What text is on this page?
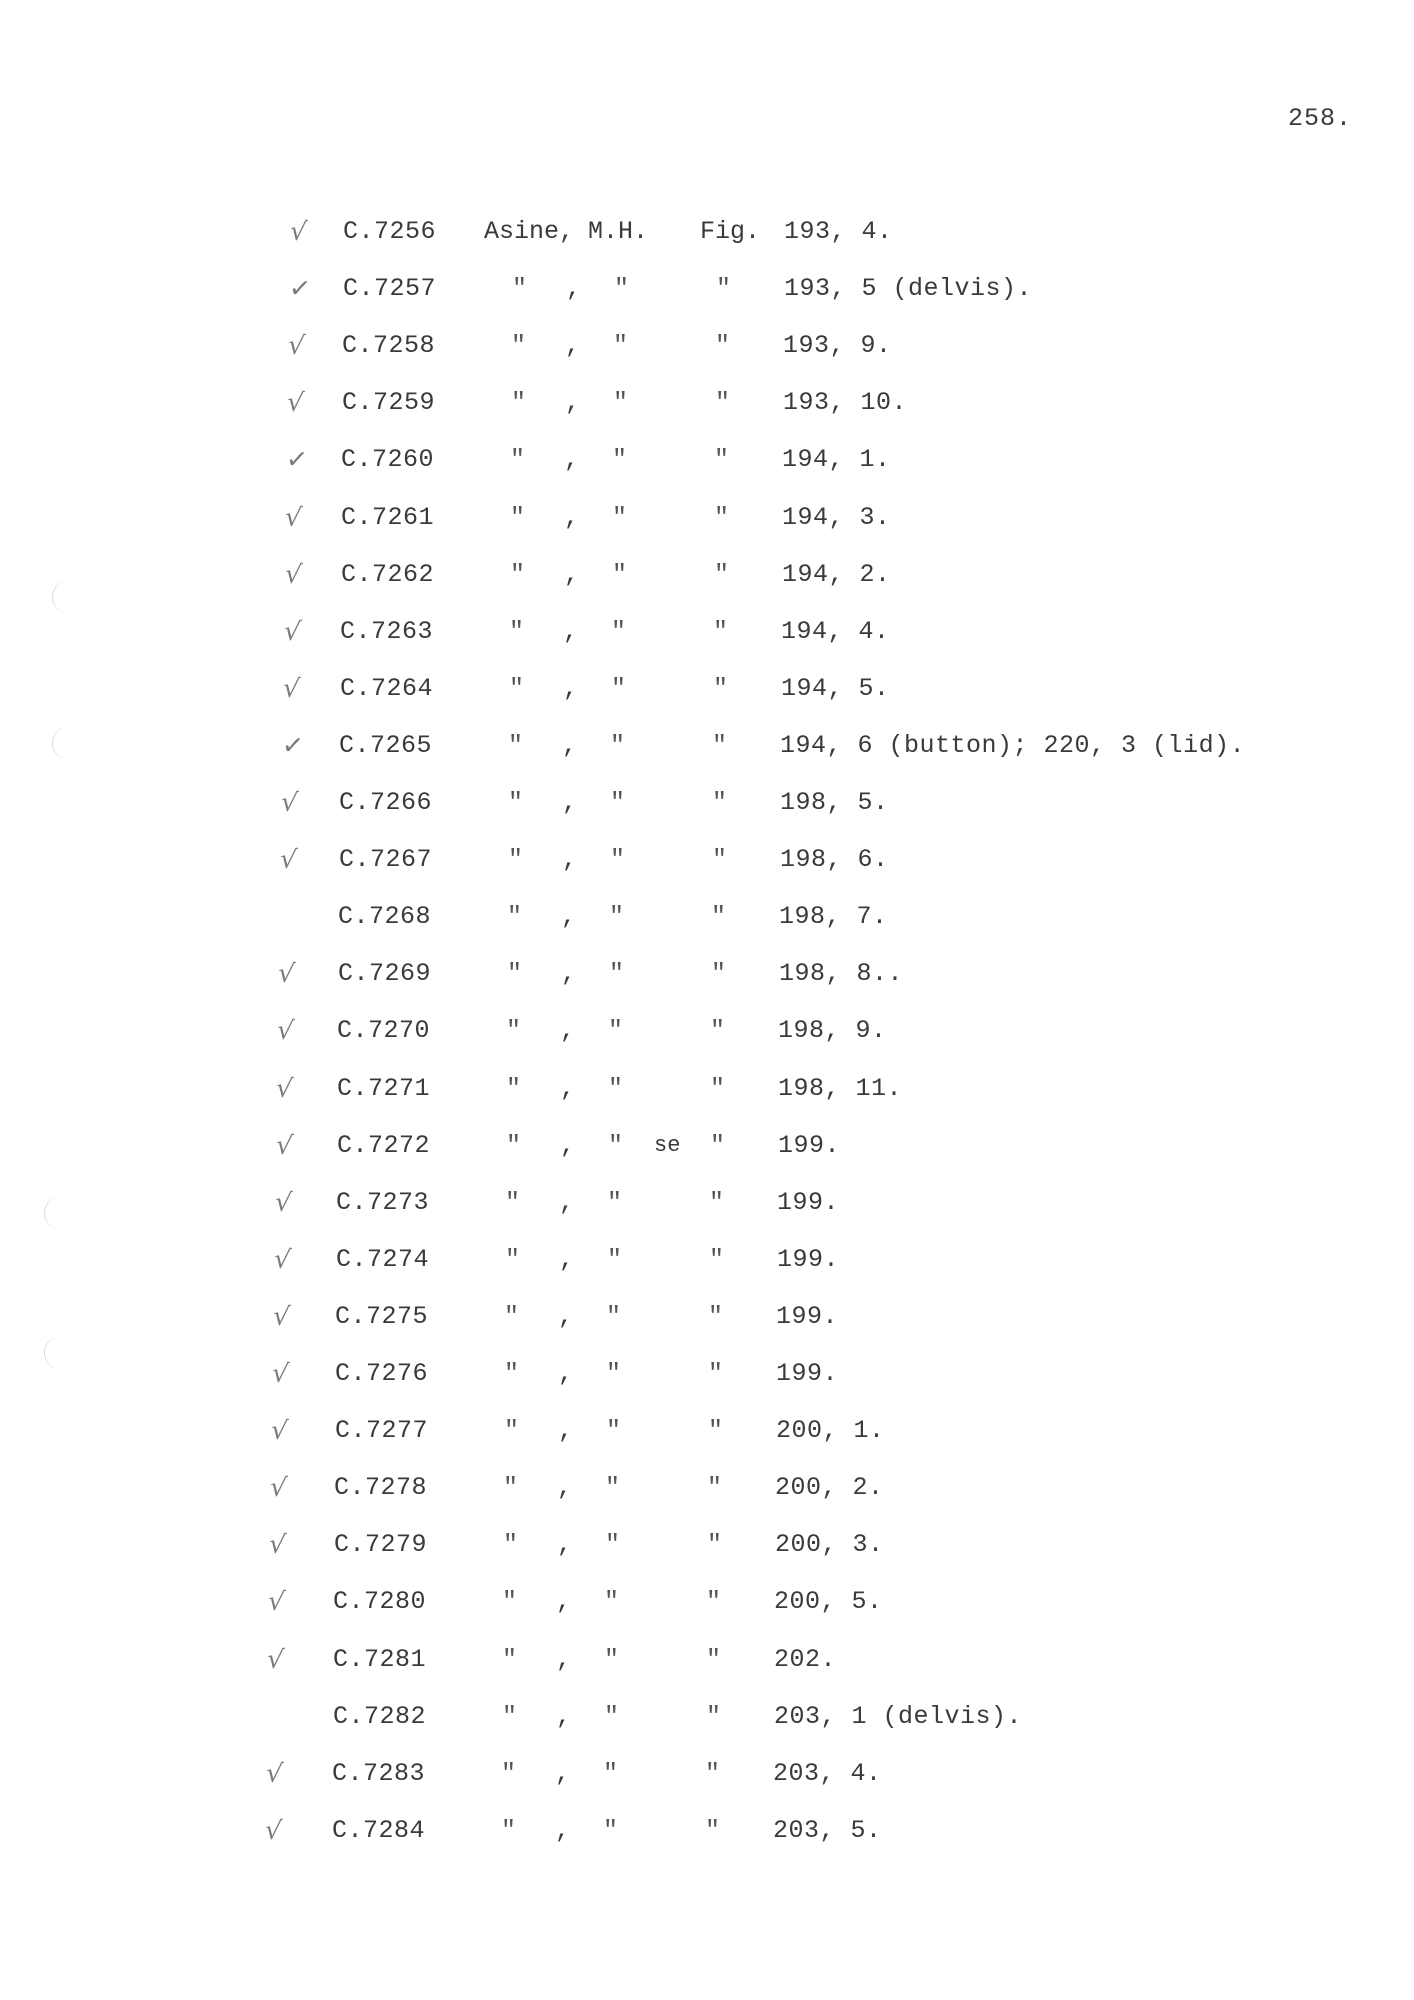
258.
√ C.7256 Asine, M.H. Fig. 193, 4.
✓ C.7257	" , "	" 193, 5 (delvis).
√ C.7258	" , "	" 193, 9.
√ C.7259	" , "	" 193, 10.
✓ C.7260	" , "	" 194, 1.
√ C.7261	" , "	" 194, 3.
√ C.7262	" , "	" 194, 2.
√ C.7263	" , "	" 194, 4.
√ C.7264	" , "	" 194, 5.
✓ C.7265	" , "	" 194, 6 (button); 220, 3 (lid).
√ C.7266	" , "	" 198, 5.
√ C.7267	" , "	" 198, 6.
C.7268	" , "	" 198, 7.
√ C.7269	" , "	" 198, 8..
√ C.7270	" , "	" 198, 9.
√ C.7271	" , "	" 198, 11.
√ C.7272	" , " se " 199.
√ C.7273	" , "	" 199.
√ C.7274	" , "	" 199.
√ C.7275	" , "	" 199.
√ C.7276	" , "	" 199.
√ C.7277	" , "	" 200, 1.
√ C.7278	" , "	" 200, 2.
√ C.7279	" , "	" 200, 3.
√ C.7280	" , "	" 200, 5.
√ C.7281	" , "	" 202.
C.7282	" , "	" 203, 1 (delvis).
√ C.7283	" , "	" 203, 4.
√ C.7284	" , "	" 203, 5.
